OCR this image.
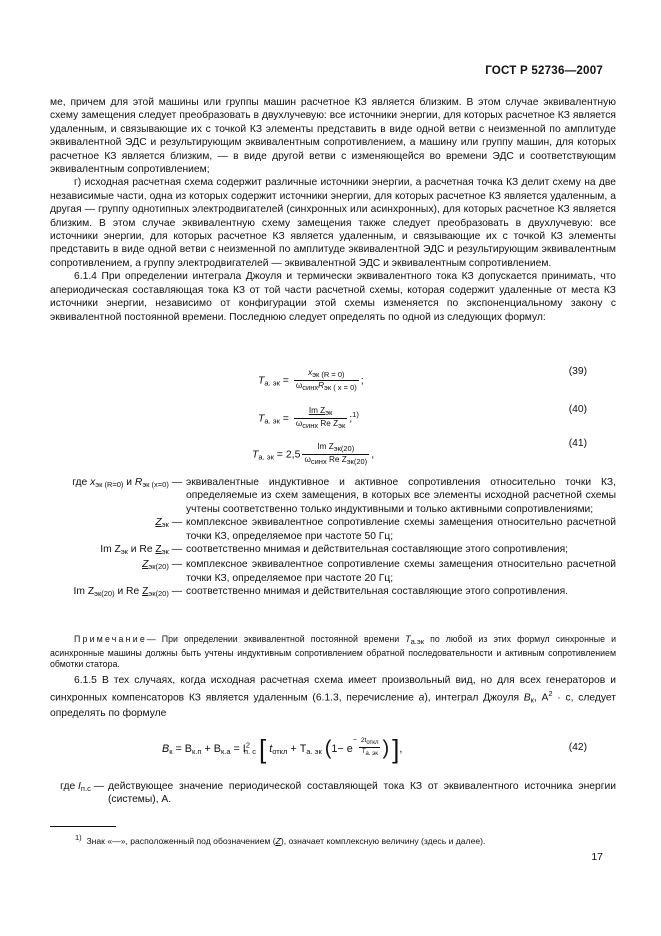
ГОСТ Р 52736—2007

ме, причем для этой машины или группы машин расчетное КЗ является близким. В этом случае эквивалентную схему замещения следует преобразовать в двухлучевую: все источники энергии, для которых расчетное КЗ является удаленным, и связывающие их с точкой КЗ элементы представить в виде одной ветви с неизменной по амплитуде эквивалентной ЭДС и результирующим эквивалентным сопротивлением, а машину или группу машин, для которых расчетное КЗ является близким, — в виде другой ветви с изменяющейся во времени ЭДС и соответствующим эквивалентным сопротивлением;

г) исходная расчетная схема содержит различные источники энергии, а расчетная точка КЗ делит схему на две независимые части, одна из которых содержит источники энергии, для которых расчетное КЗ является удаленным, а другая — группу однотипных электродвигателей (синхронных или асинхронных), для которых расчетное КЗ является близким. В этом случае эквивалентную схему замещения также следует преобразовать в двухлучевую: все источники энергии, для которых расчетное КЗ является удаленным, и связывающие их с точкой КЗ элементы представить в виде одной ветви с неизменной по амплитуде эквивалентной ЭДС и результирующим эквивалентным сопротивлением, а группу электродвигателей — эквивалентной ЭДС и эквивалентным сопротивлением.

6.1.4 При определении интеграла Джоуля и термически эквивалентного тока КЗ допускается принимать, что апериодическая составляющая тока КЗ от той части расчетной схемы, которая содержит удаленные от места КЗ источники энергии, независимо от конфигурации этой схемы изменяется по экспоненциальному закону с эквивалентной постоянной времени. Последнюю следует определять по одной из следующих формул:

$T_{а. эк} = \frac{x_{эк (R = 0)}}{\omega_{синх}R_{эк ( x = 0)}}$ ;
(39)
$T_{а. эк} = \frac{Im Z_{эк}}{\omega_{синх} Re Z_{эк}}$ ;$^{1)}$	(40)
$T_{а. эк} = 2,5 \frac{Im Z_{эк(20)}}{\omega_{синх} Re Z_{эк(20)}}$ ,
(41)
где $x_{эк (R=0)}$ и $R_{эк (x=0)}$ — эквивалентные индуктивное и активное сопротивления относительно точки КЗ, определяемые из схем замещения, в которых все элементы исходной расчетной схемы учтены соответственно только индуктивными и только активными сопротивлениями;
$Z_{эк}$ — комплексное эквивалентное сопротивление схемы замещения относительно расчетной точки КЗ, определяемое при частоте 50 Гц;
Im $Z_{эк}$ и Re $Z_{эк}$ — соответственно мнимая и действительная составляющие этого сопротивления;
$Z_{эк(20)}$ — комплексное эквивалентное сопротивление схемы замещения относительно расчетной точки КЗ, определяемое при частоте 20 Гц;
Im $Z_{эк(20)}$ и Re $Z_{эк(20)}$ — соответственно мнимая и действительная составляющие этого сопротивления.
Примечание— При определении эквивалентной постоянной времени $T_{а.эк}$ по любой из этих формул синхронные и асинхронные машины должны быть учтены индуктивным сопротивлением обратной последовательности и активным сопротивлением обмотки статора.
6.1.5 В тех случаях, когда исходная расчетная схема имеет произвольный вид, но для всех генераторов и синхронных компенсаторов КЗ является удаленным (6.1.3, перечисление а), интеграл Джоуля $B_к$, $А^2 \cdot с$, следует определять по формуле
$B_к = B_{к.п} + B_{к.а} = I^2_{п. с}$ [ $t_{откл} + T_{а. эк}$ ($1- e^{- \frac{2t_{откл}}{T_{а. эк}}}$ ) ],	(42)
где $I_{п.с}$ — действующее значение периодической составляющей тока КЗ от эквивалентного источника энергии (системы), А.
$^{1)}$ Знак «—», расположенный под обозначением (Z), означает комплексную величину (здесь и далее).
17
